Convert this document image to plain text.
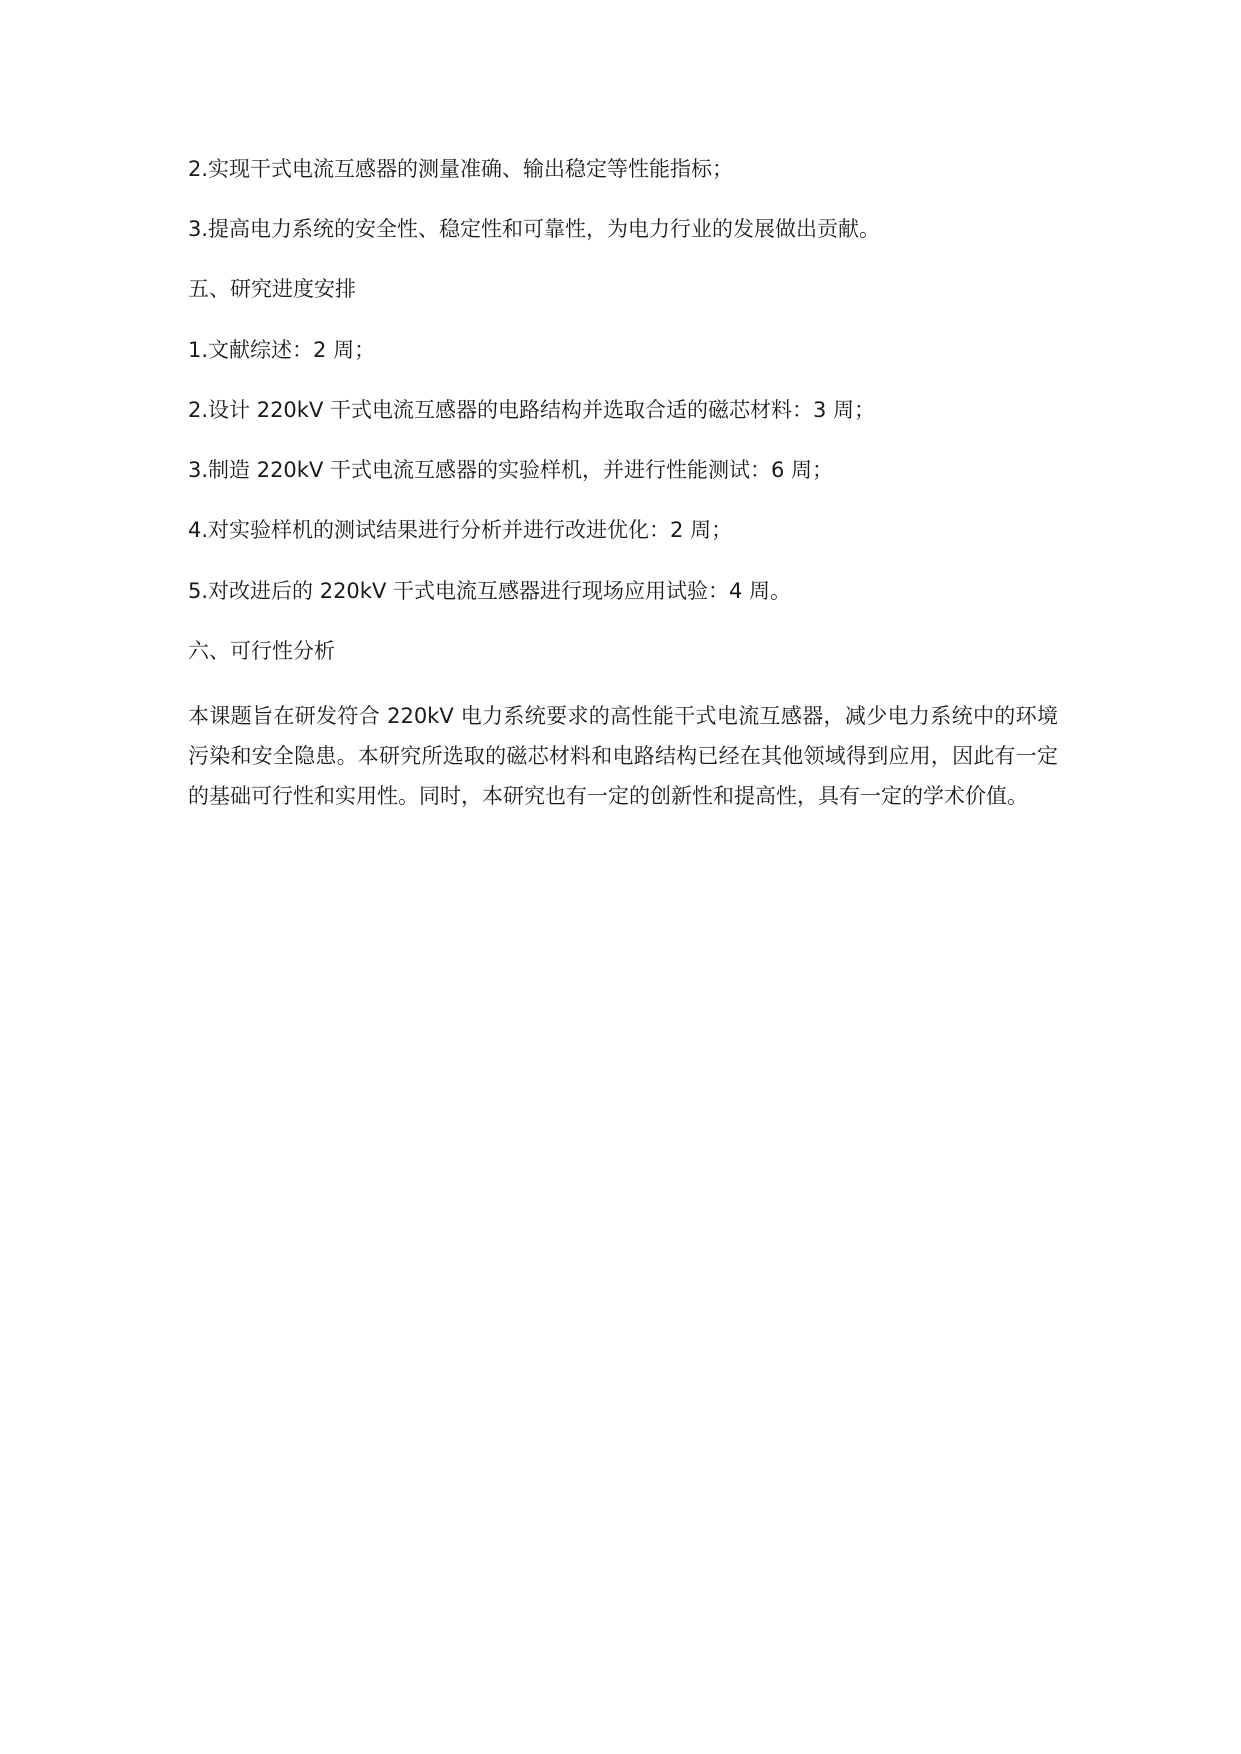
2.实现干式电流互感器的测量准确、输出稳定等性能指标；

3.提高电力系统的安全性、稳定性和可靠性，为电力行业的发展做出贡献。

五、研究进度安排

1.文献综述：2 周；

2.设计 220kV 干式电流互感器的电路结构并选取合适的磁芯材料：3 周；

3.制造 220kV 干式电流互感器的实验样机，并进行性能测试：6 周；

4.对实验样机的测试结果进行分析并进行改进优化：2 周；

5.对改进后的 220kV 干式电流互感器进行现场应用试验：4 周。

六、可行性分析

本课题旨在研发符合 220kV 电力系统要求的高性能干式电流互感器，减少电力系统中的环境污染和安全隐患。本研究所选取的磁芯材料和电路结构已经在其他领域得到应用，因此有一定的基础可行性和实用性。同时，本研究也有一定的创新性和提高性，具有一定的学术价值。
